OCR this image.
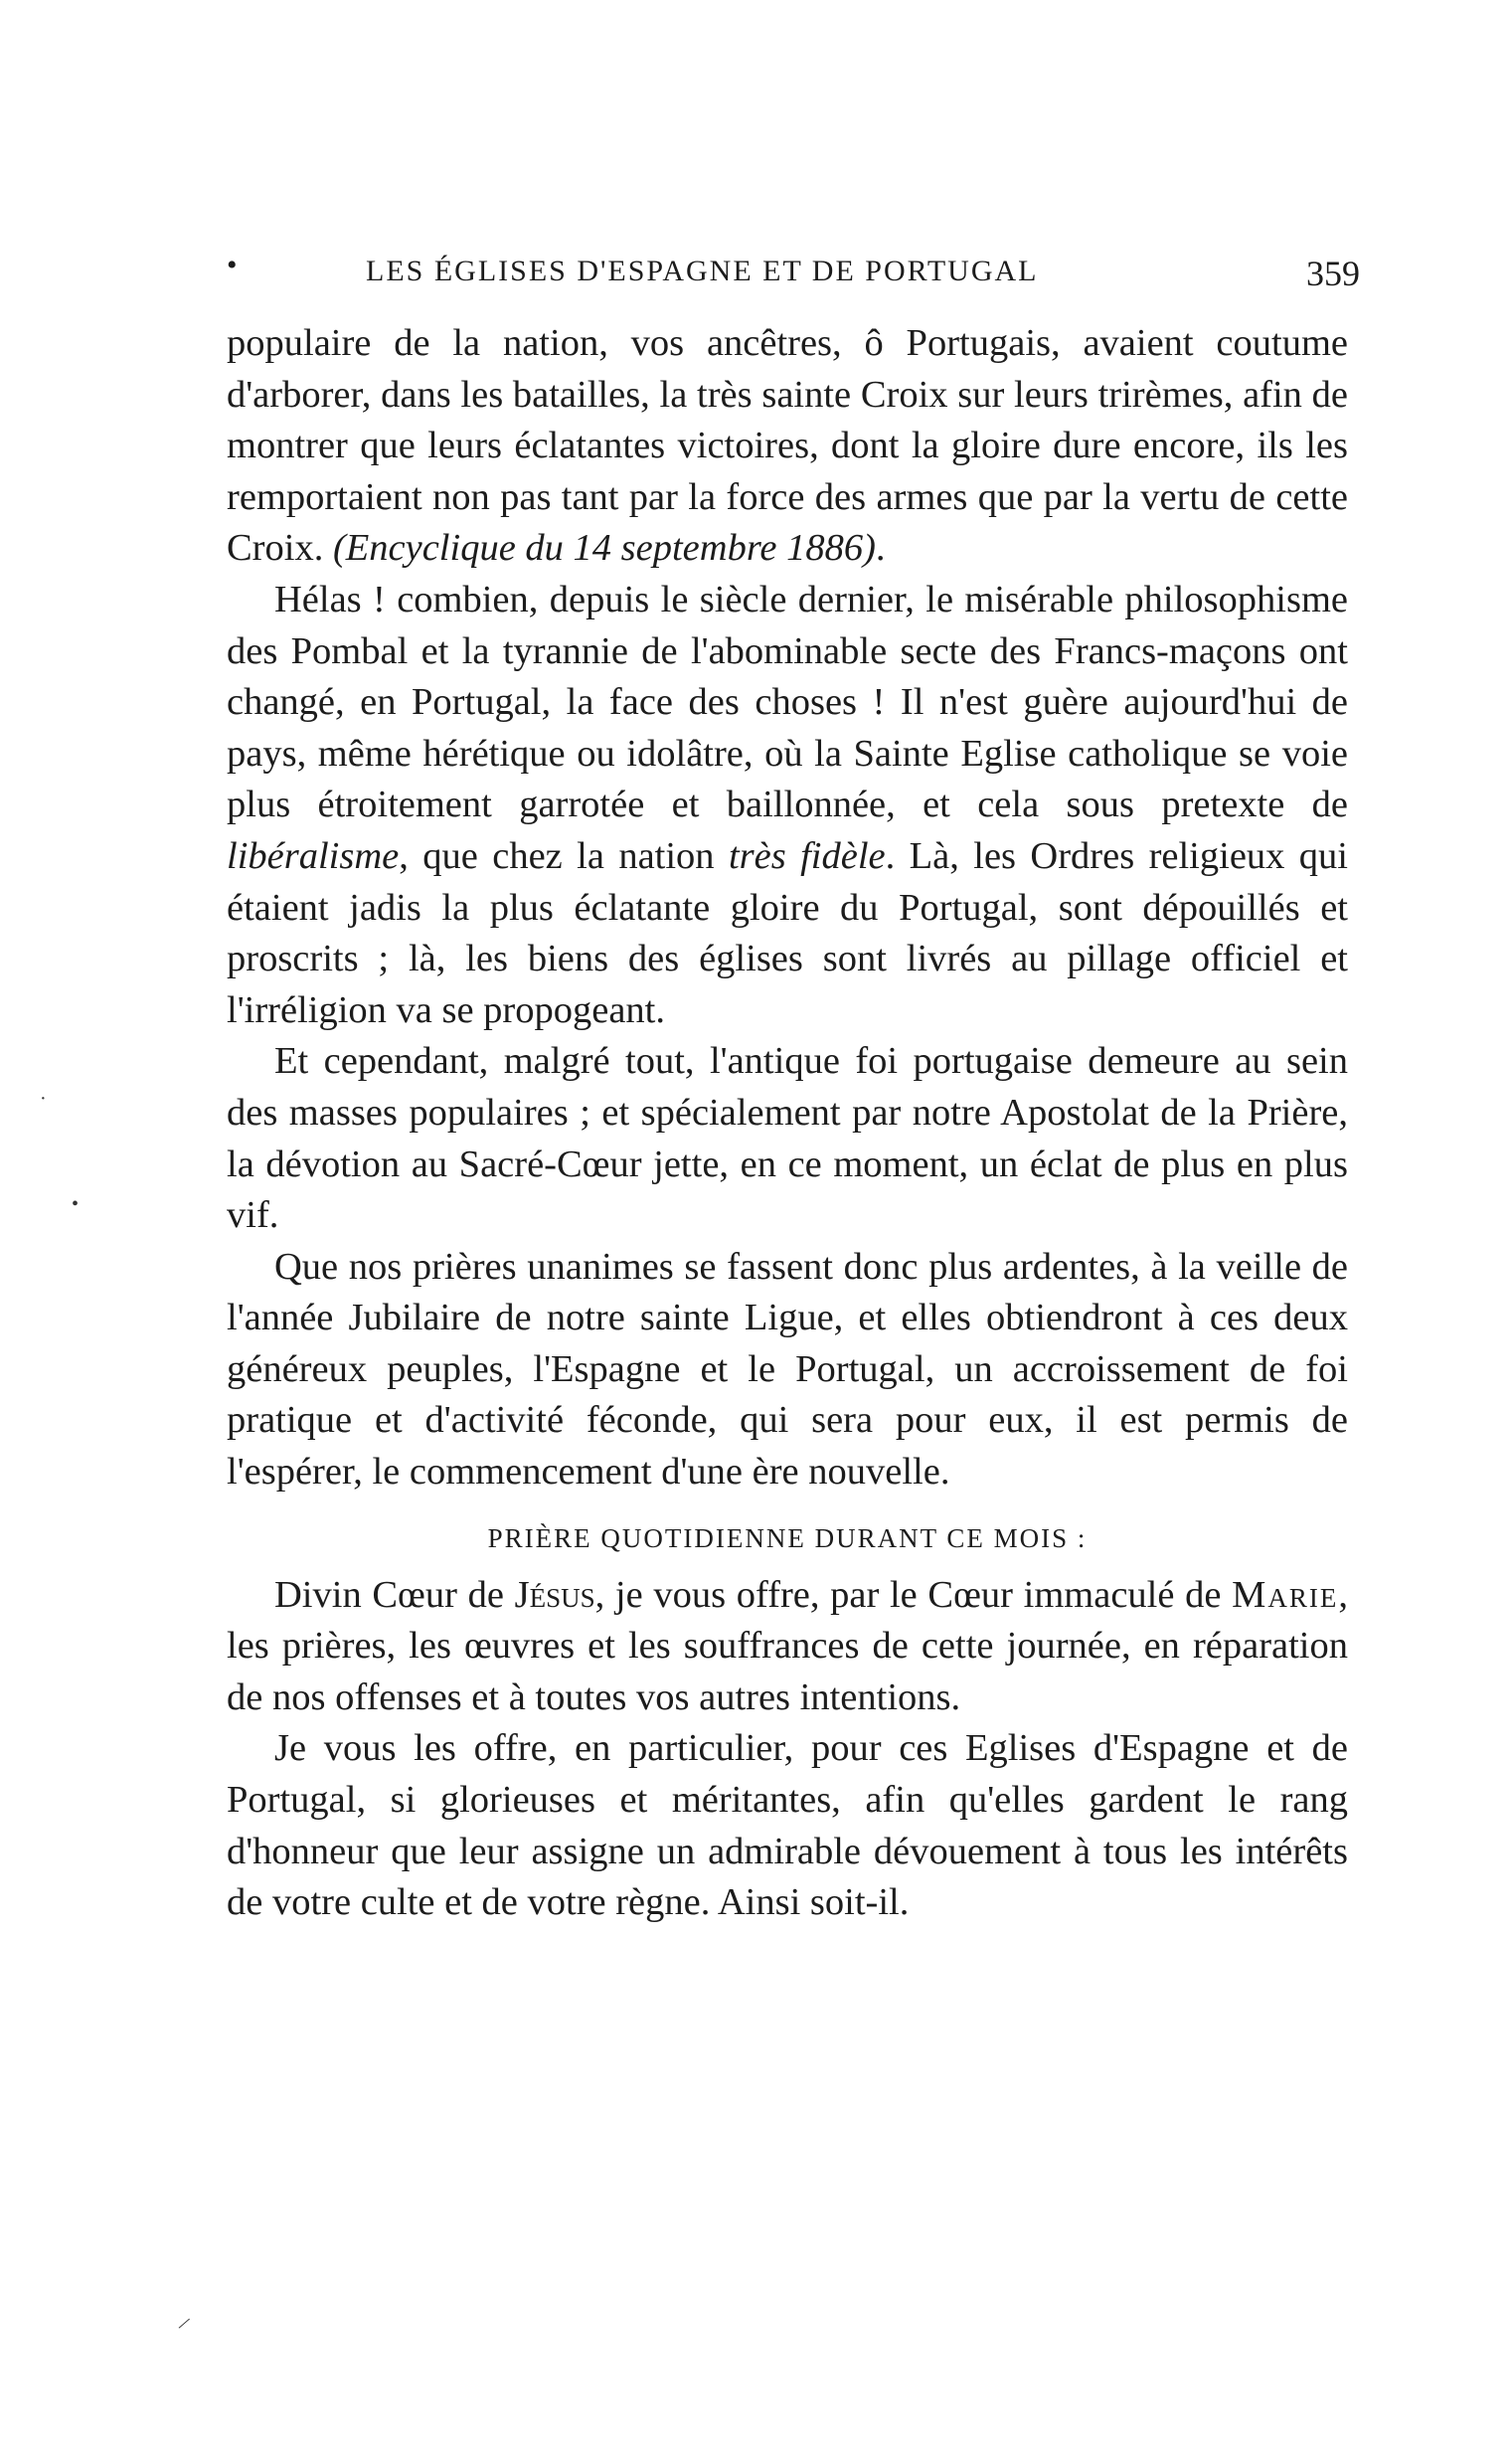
•	LES ÉGLISES D'ESPAGNE ET DE PORTUGAL	359

populaire de la nation, vos ancêtres, ô Portugais, avaient coutume d'arborer, dans les batailles, la très sainte Croix sur leurs trirèmes, afin de montrer que leurs éclatantes victoires, dont la gloire dure encore, ils les remportaient non pas tant par la force des armes que par la vertu de cette Croix. (Encyclique du 14 septembre 1886).

Hélas ! combien, depuis le siècle dernier, le misérable philosophisme des Pombal et la tyrannie de l'abominable secte des Francs-maçons ont changé, en Portugal, la face des choses ! Il n'est guère aujourd'hui de pays, même hérétique ou idolâtre, où la Sainte Eglise catholique se voie plus étroitement garrotée et baillonnée, et cela sous pretexte de libéralisme, que chez la nation très fidèle. Là, les Ordres religieux qui étaient jadis la plus éclatante gloire du Portugal, sont dépouillés et proscrits ; là, les biens des églises sont livrés au pillage officiel et l'irréligion va se propogeant.

Et cependant, malgré tout, l'antique foi portugaise demeure au sein des masses populaires ; et spécialement par notre Apostolat de la Prière, la dévotion au Sacré-Cœur jette, en ce moment, un éclat de plus en plus vif.

Que nos prières unanimes se fassent donc plus ardentes, à la veille de l'année Jubilaire de notre sainte Ligue, et elles obtiendront à ces deux généreux peuples, l'Espagne et le Portugal, un accroissement de foi pratique et d'activité féconde, qui sera pour eux, il est permis de l'espérer, le commencement d'une ère nouvelle.

PRIÈRE QUOTIDIENNE DURANT CE MOIS :

Divin Cœur de Jésus, je vous offre, par le Cœur immaculé de Marie, les prières, les œuvres et les souffrances de cette journée, en réparation de nos offenses et à toutes vos autres intentions.

Je vous les offre, en particulier, pour ces Eglises d'Espagne et de Portugal, si glorieuses et méritantes, afin qu'elles gardent le rang d'honneur que leur assigne un admirable dévouement à tous les intérêts de votre culte et de votre règne. Ainsi soit-il.

·
•
/
